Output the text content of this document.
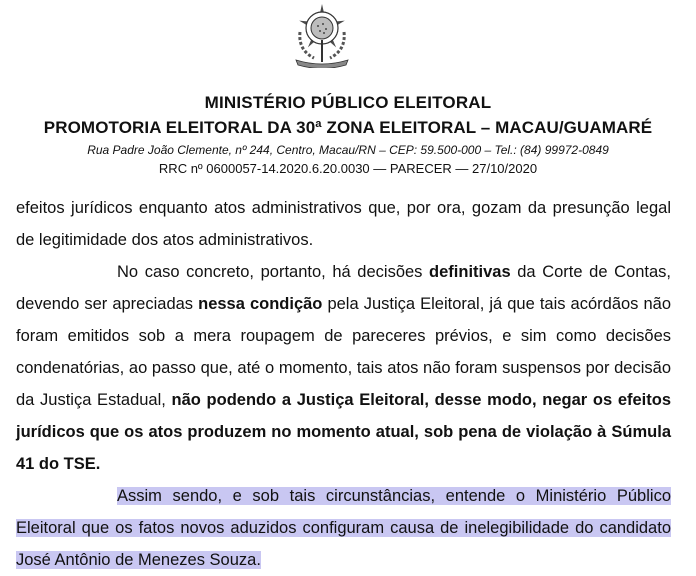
MINISTÉRIO PÚBLICO ELEITORAL
PROMOTORIA ELEITORAL DA 30ª ZONA ELEITORAL – MACAU/GUAMARÉ
Rua Padre João Clemente, nº 244, Centro, Macau/RN – CEP: 59.500-000 – Tel.: (84) 99972-0849
RRC nº 0600057-14.2020.6.20.0030 — PARECER — 27/10/2020

efeitos jurídicos enquanto atos administrativos que, por ora, gozam da presunção legal de legitimidade dos atos administrativos.

No caso concreto, portanto, há decisões definitivas da Corte de Contas, devendo ser apreciadas nessa condição pela Justiça Eleitoral, já que tais acórdãos não foram emitidos sob a mera roupagem de pareceres prévios, e sim como decisões condenatórias, ao passo que, até o momento, tais atos não foram suspensos por decisão da Justiça Estadual, não podendo a Justiça Eleitoral, desse modo, negar os efeitos jurídicos que os atos produzem no momento atual, sob pena de violação à Súmula 41 do TSE.

Assim sendo, e sob tais circunstâncias, entende o Ministério Público Eleitoral que os fatos novos aduzidos configuram causa de inelegibilidade do candidato José Antônio de Menezes Souza.
